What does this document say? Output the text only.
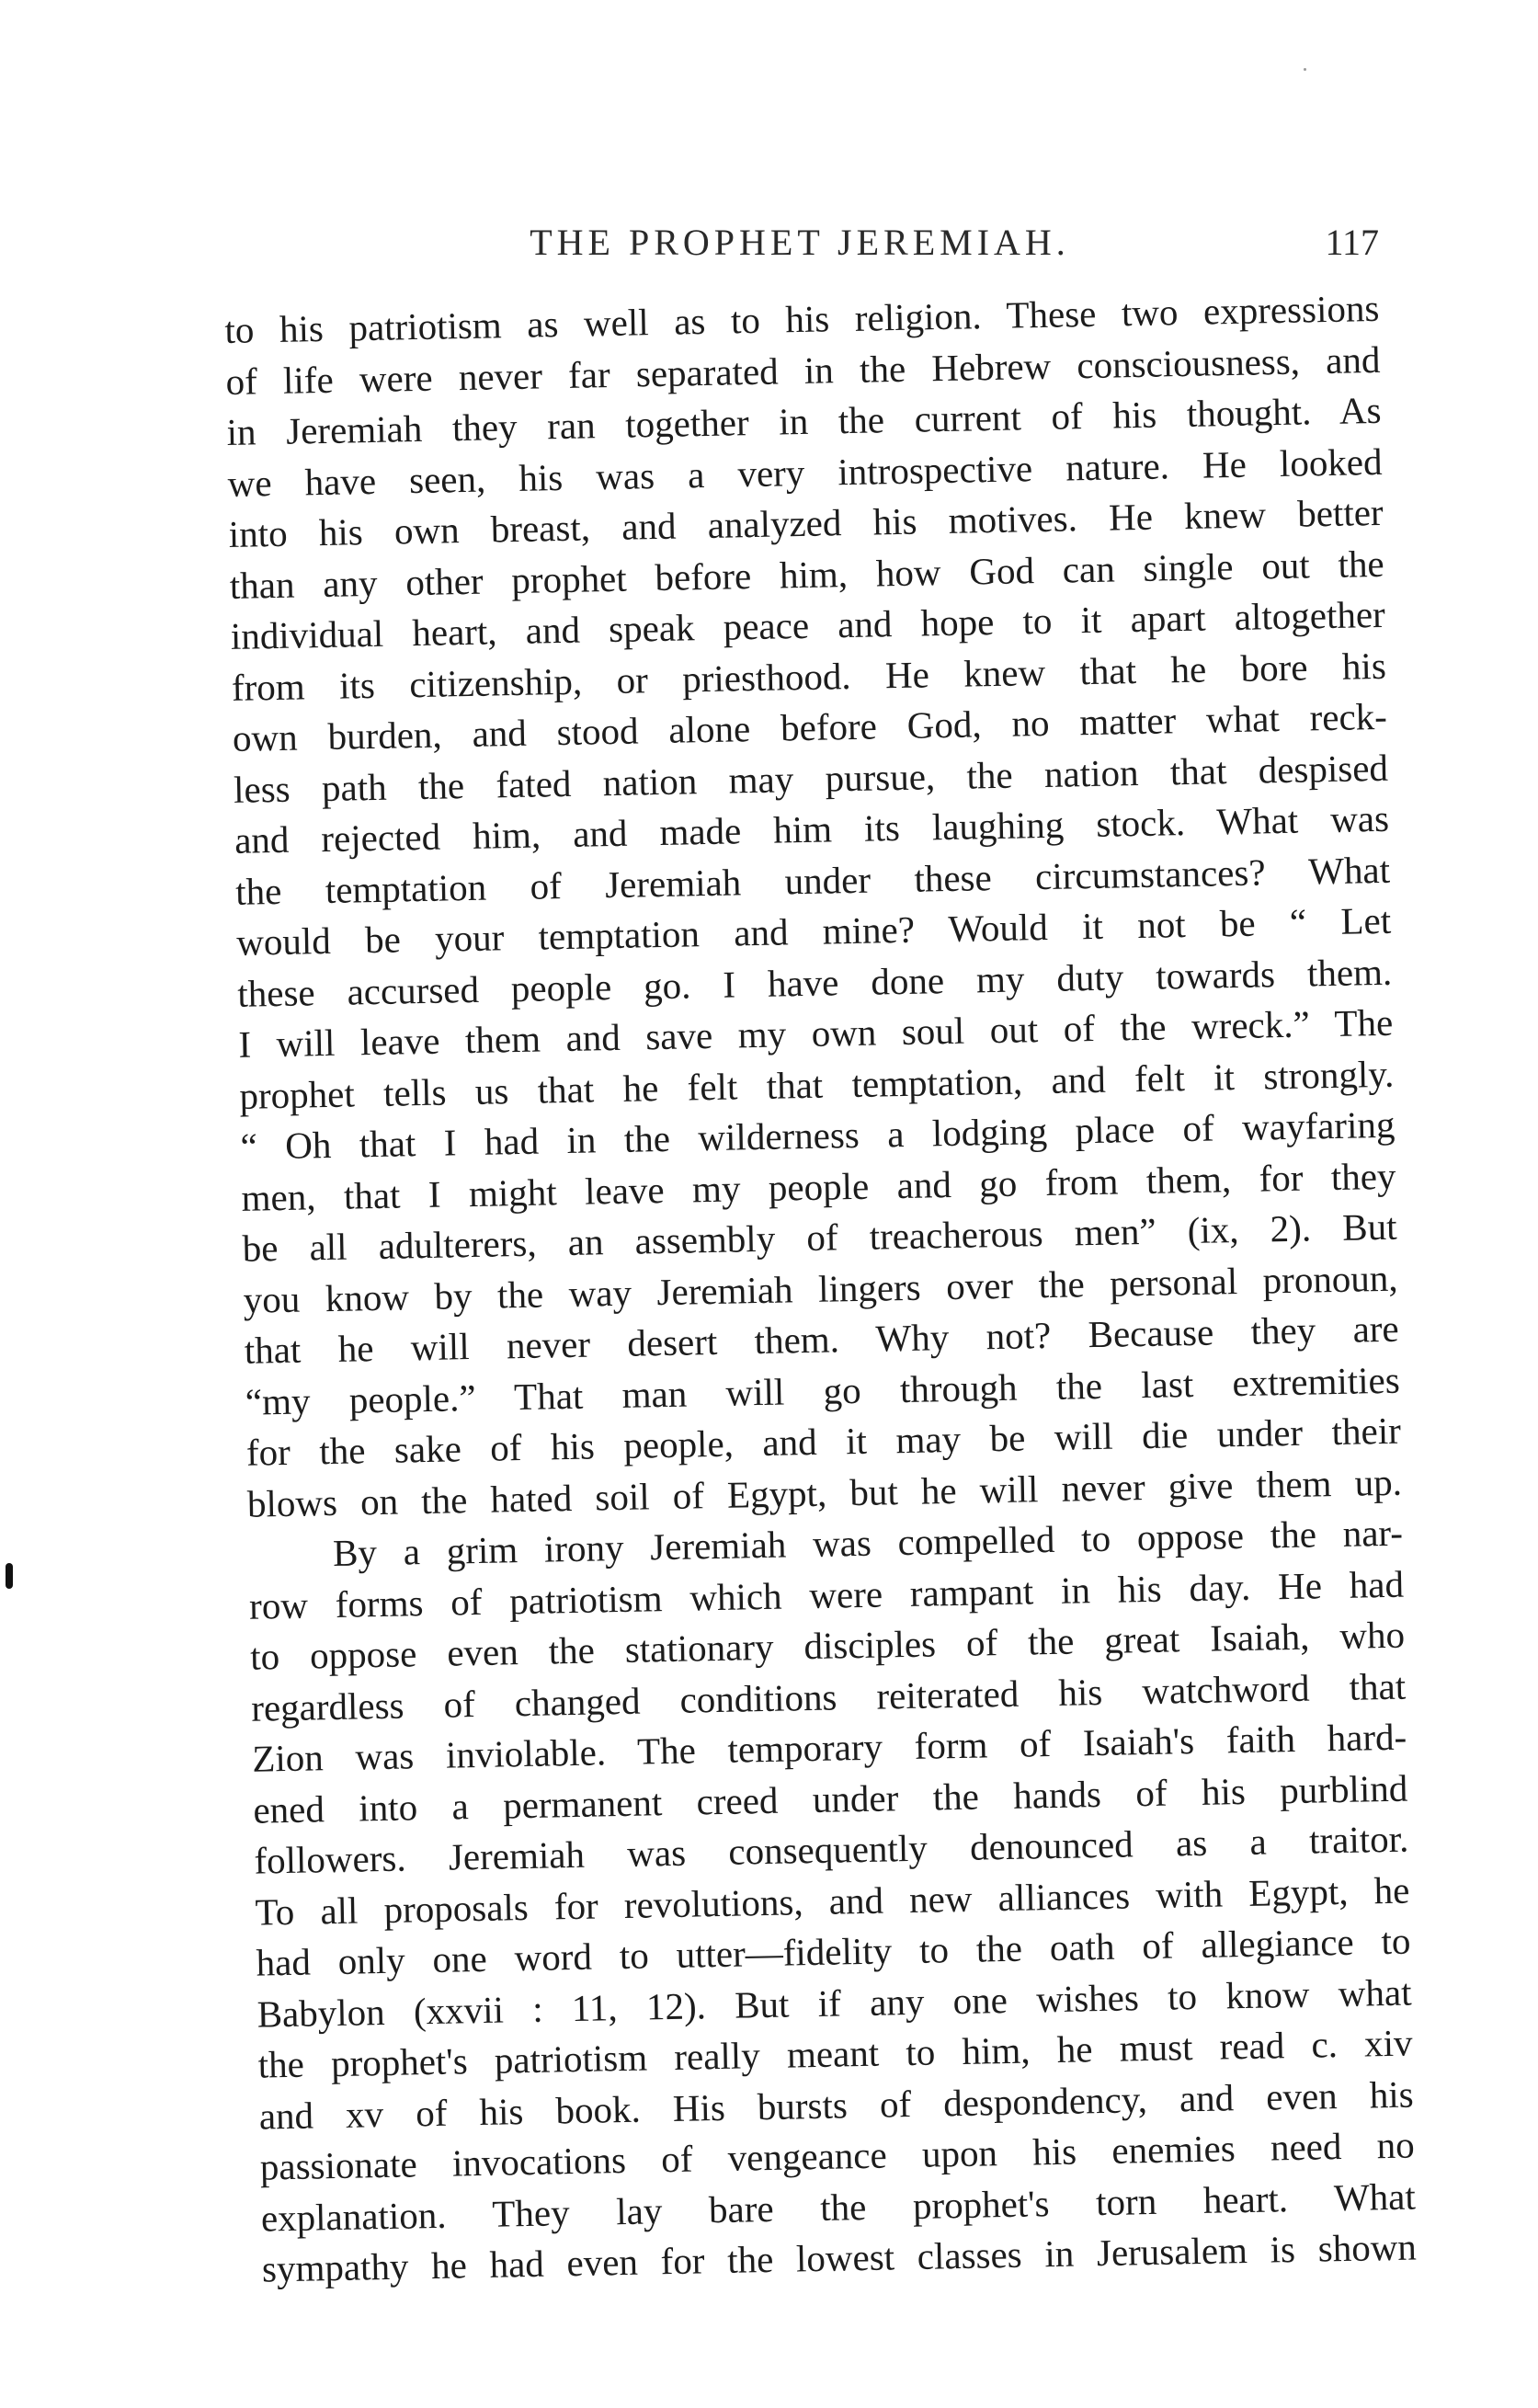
THE PROPHET JEREMIAH.	117
to his patriotism as well as to his religion. These two expressions
of life were never far separated in the Hebrew consciousness, and
in Jeremiah they ran together in the current of his thought. As
we have seen, his was a very introspective nature. He looked
into his own breast, and analyzed his motives. He knew better
than any other prophet before him, how God can single out the
individual heart, and speak peace and hope to it apart altogether
from its citizenship, or priesthood. He knew that he bore his
own burden, and stood alone before God, no matter what reck-
less path the fated nation may pursue, the nation that despised
and rejected him, and made him its laughing stock. What was
the temptation of Jeremiah under these circumstances? What
would be your temptation and mine? Would it not be “ Let
these accursed people go. I have done my duty towards them.
I will leave them and save my own soul out of the wreck.” The
prophet tells us that he felt that temptation, and felt it strongly.
“ Oh that I had in the wilderness a lodging place of wayfaring
men, that I might leave my people and go from them, for they
be all adulterers, an assembly of treacherous men” (ix, 2). But
you know by the way Jeremiah lingers over the personal pronoun,
that he will never desert them. Why not? Because they are
“my people.” That man will go through the last extremities
for the sake of his people, and it may be will die under their
blows on the hated soil of Egypt, but he will never give them up.
By a grim irony Jeremiah was compelled to oppose the nar-
row forms of patriotism which were rampant in his day. He had
to oppose even the stationary disciples of the great Isaiah, who
regardless of changed conditions reiterated his watchword that
Zion was inviolable. The temporary form of Isaiah's faith hard-
ened into a permanent creed under the hands of his purblind
followers. Jeremiah was consequently denounced as a traitor.
To all proposals for revolutions, and new alliances with Egypt, he
had only one word to utter—fidelity to the oath of allegiance to
Babylon (xxvii : 11, 12). But if any one wishes to know what
the prophet's patriotism really meant to him, he must read c. xiv
and xv of his book. His bursts of despondency, and even his
passionate invocations of vengeance upon his enemies need no
explanation. They lay bare the prophet's torn heart. What
sympathy he had even for the lowest classes in Jerusalem is shown
